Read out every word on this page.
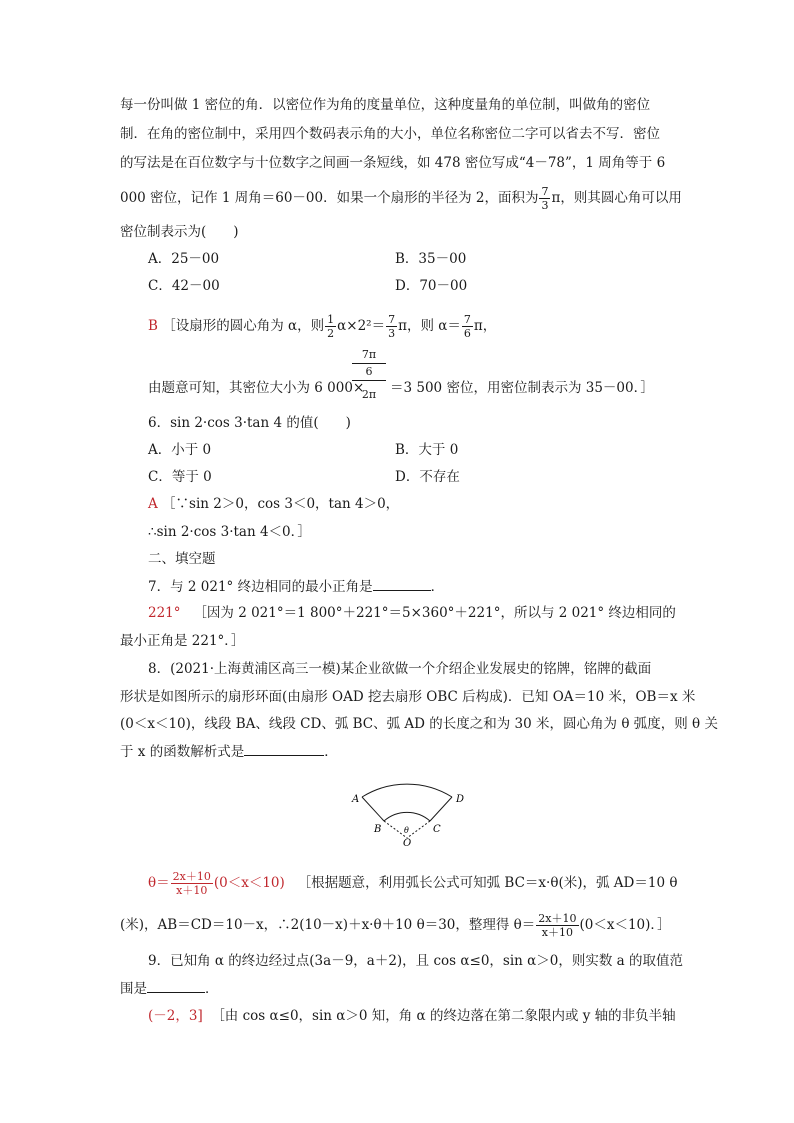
每一份叫做 1 密位的角．以密位作为角的度量单位，这种度量角的单位制，叫做角的密位
制．在角的密位制中，采用四个数码表示角的大小，单位名称密位二字可以省去不写．密位
的写法是在百位数字与十位数字之间画一条短线，如 478 密位写成“4－78”，1 周角等于 6
000 密位，记作 1 周角＝60－00．如果一个扇形的半径为 2，面积为 $\frac{7}{3}$ π，则其圆心角可以用
密位制表示为(　　)
A．25－00	B．35－00
C．42－00	D．70－00
B ［设扇形的圆心角为 α，则 $\frac{1}{2} \alpha\times 2^2= \frac{7}{3}$ π，则 $\alpha= \frac{7}{6}$ π，
7π
6
2π
由题意可知，其密位大小为 6 000× ＝3 500 密位，用密位制表示为 35－00．］
6．sin 2·cos 3·tan 4 的值(　　)
A．小于 0	B．大于 0
C．等于 0	D．不存在
A ［∵sin 2＞0，cos 3＜0，tan 4＞0，
∴sin 2·cos 3·tan 4＜0．］
二、填空题
7．与 2 021° 终边相同的最小正角是	．
221° ［因为 2 021°＝1 800°＋221°＝5×360°＋221°，所以与 2 021° 终边相同的
最小正角是 221°．］
8．(2021·上海黄浦区高三一模)某企业欲做一个介绍企业发展史的铭牌，铭牌的截面
形状是如图所示的扇形环面(由扇形 OAD 挖去扇形 OBC 后构成)．已知 OA＝10 米，OB＝x 米
(0＜x＜10)，线段 BA、线段 CD、弧 BC、弧 AD 的长度之和为 30 米，圆心角为 θ 弧度，则 θ 关
于 x 的函数解析式是	．
A	D
B	C
θ
O
$\theta= \frac{2x+10}{x+10} (0<x<10)$ ［根据题意，利用弧长公式可知弧 BC＝x·θ(米)，弧 AD＝10 θ
(米)，AB＝CD＝10－x，∴2(10－x)＋x·θ＋10 θ＝30，整理得 $\theta= \frac{2x+10}{x+10} (0<x<10)$．］
9．已知角 α 的终边经过点(3a－9，a＋2)，且 cos α≤0，sin α＞0，则实数 a 的取值范
围是	．
(－2，3] ［由 cos α≤0，sin α＞0 知，角 α 的终边落在第二象限内或 y 轴的非负半轴
